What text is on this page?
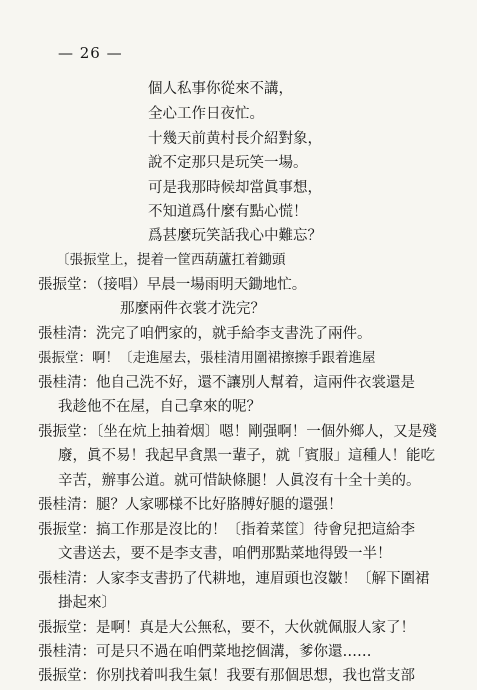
— 26 —
個人私事你從來不講，
全心工作日夜忙。
十幾天前黄村長介紹對象，
說不定那只是玩笑一場。
可是我那時候却當眞事想，
不知道爲什麼有點心慌！
爲甚麼玩笑話我心中難忘？
〔張振堂上，提着一筐西葫蘆扛着鋤頭
張振堂：（接唱）早晨一場雨明天鋤地忙。
那麼兩件衣裳才洗完？
張桂清：洗完了咱們家的，就手給李支書洗了兩件。
張振堂：啊！〔走進屋去，張桂清用圍裙擦擦手跟着進屋
張桂清：他自己洗不好，還不讓別人幫着，這兩件衣裳還是
我趁他不在屋，自己拿來的呢？
張振堂：〔坐在炕上抽着烟〕嗯！剛强啊！一個外鄉人，又是殘
廢，眞不易！我起早貪黑一輩子，就「賓服」這種人！能吃
辛苦，辦事公道。就可惜缺條腿！人眞沒有十全十美的。
張桂清：腿？人家哪様不比好胳膊好腿的還强！
張振堂：搞工作那是沒比的！〔指着菜筐〕待會兒把這給李
文書送去，要不是李支書，咱們那點菜地得毁一半！
張桂清：人家李支書扔了代耕地，連眉頭也沒皺！〔解下圍裙
掛起來〕
張振堂：是啊！真是大公無私，要不，大伙就佩服人家了！
張桂清：可是只不過在咱們菜地挖個溝，爹你還……
張振堂：你别找着叫我生氣！我要有那個思想，我也當支部
